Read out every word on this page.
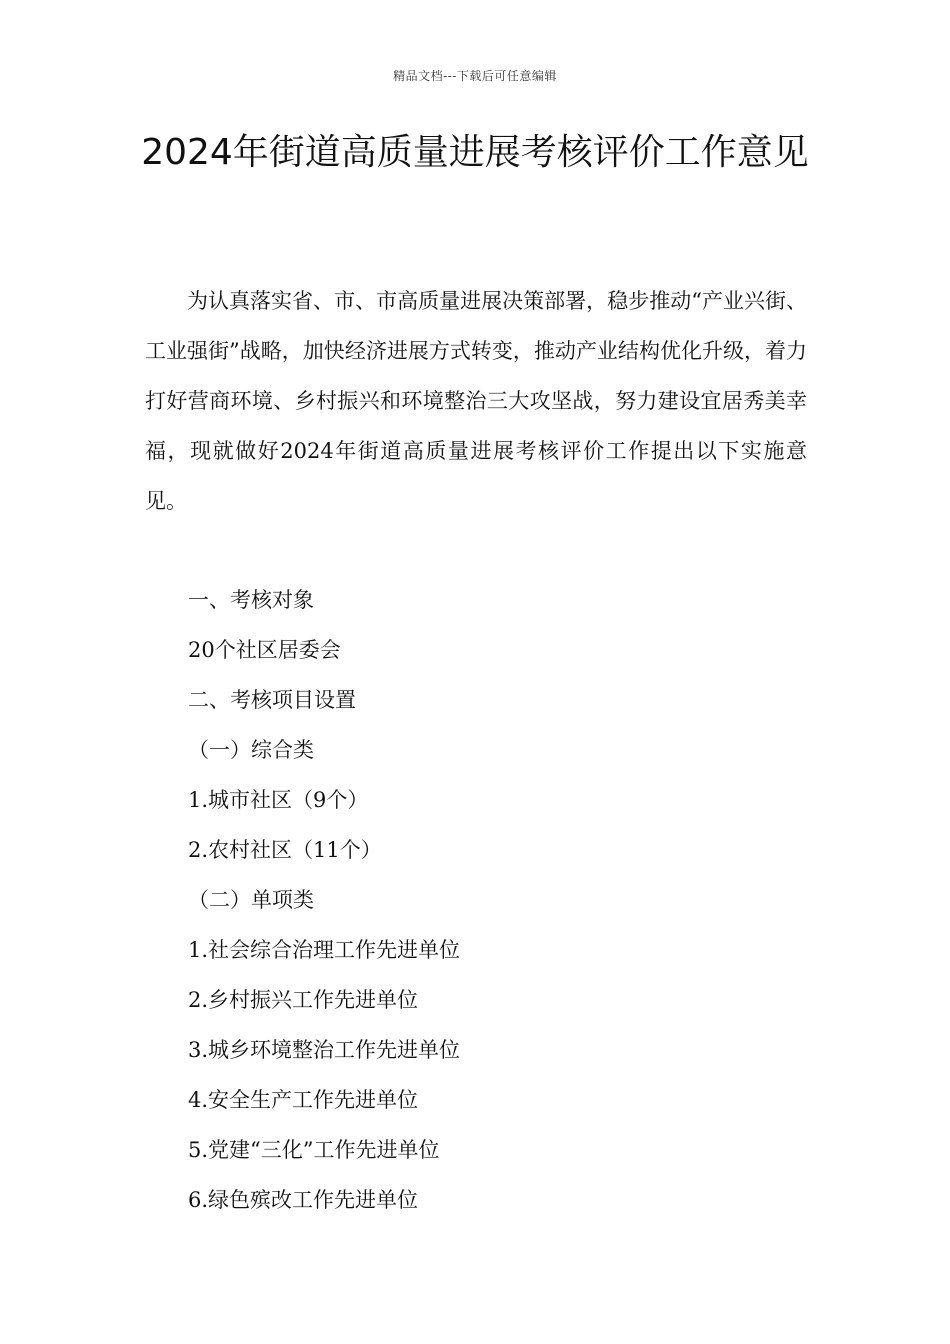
精品文档---下载后可任意编辑
2024年街道高质量进展考核评价工作意见

为认真落实省、市、市高质量进展决策部署，稳步推动“产业兴街、工业强街”战略，加快经济进展方式转变，推动产业结构优化升级，着力打好营商环境、乡村振兴和环境整治三大攻坚战，努力建设宜居秀美幸福，现就做好2024年街道高质量进展考核评价工作提出以下实施意见。

一、考核对象
20个社区居委会
二、考核项目设置
（一）综合类
1.城市社区（9个）
2.农村社区（11个）
（二）单项类
1.社会综合治理工作先进单位
2.乡村振兴工作先进单位
3.城乡环境整治工作先进单位
4.安全生产工作先进单位
5.党建“三化”工作先进单位
6.绿色殡改工作先进单位
